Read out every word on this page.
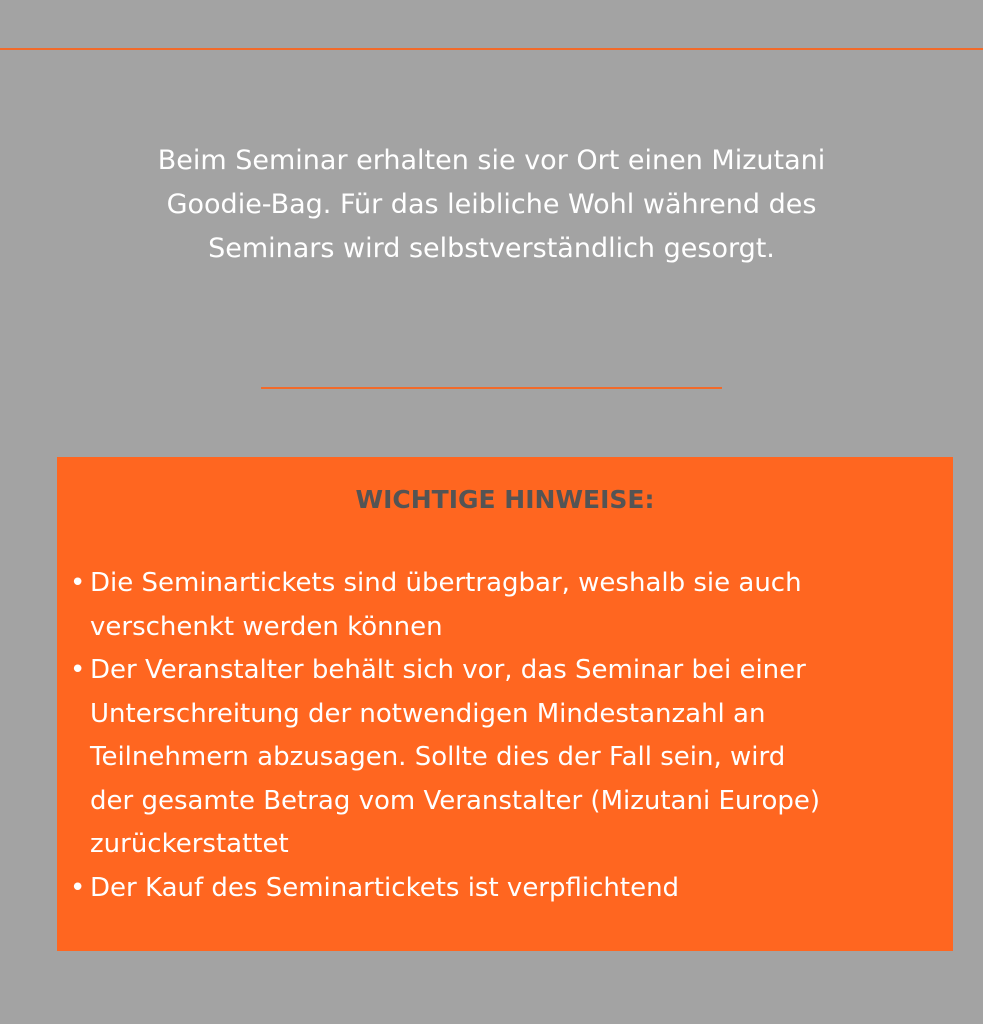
Beim Seminar erhalten sie vor Ort einen Mizutani
Goodie-Bag. Für das leibliche Wohl während des
Seminars wird selbstverständlich gesorgt.

WICHTIGE HINWEISE:
• Die Seminartickets sind übertragbar, weshalb sie auch
verschenkt werden können
• Der Veranstalter behält sich vor, das Seminar bei einer
Unterschreitung der notwendigen Mindestanzahl an
Teilnehmern abzusagen. Sollte dies der Fall sein, wird
der gesamte Betrag vom Veranstalter (Mizutani Europe)
zurückerstattet
• Der Kauf des Seminartickets ist verpflichtend
